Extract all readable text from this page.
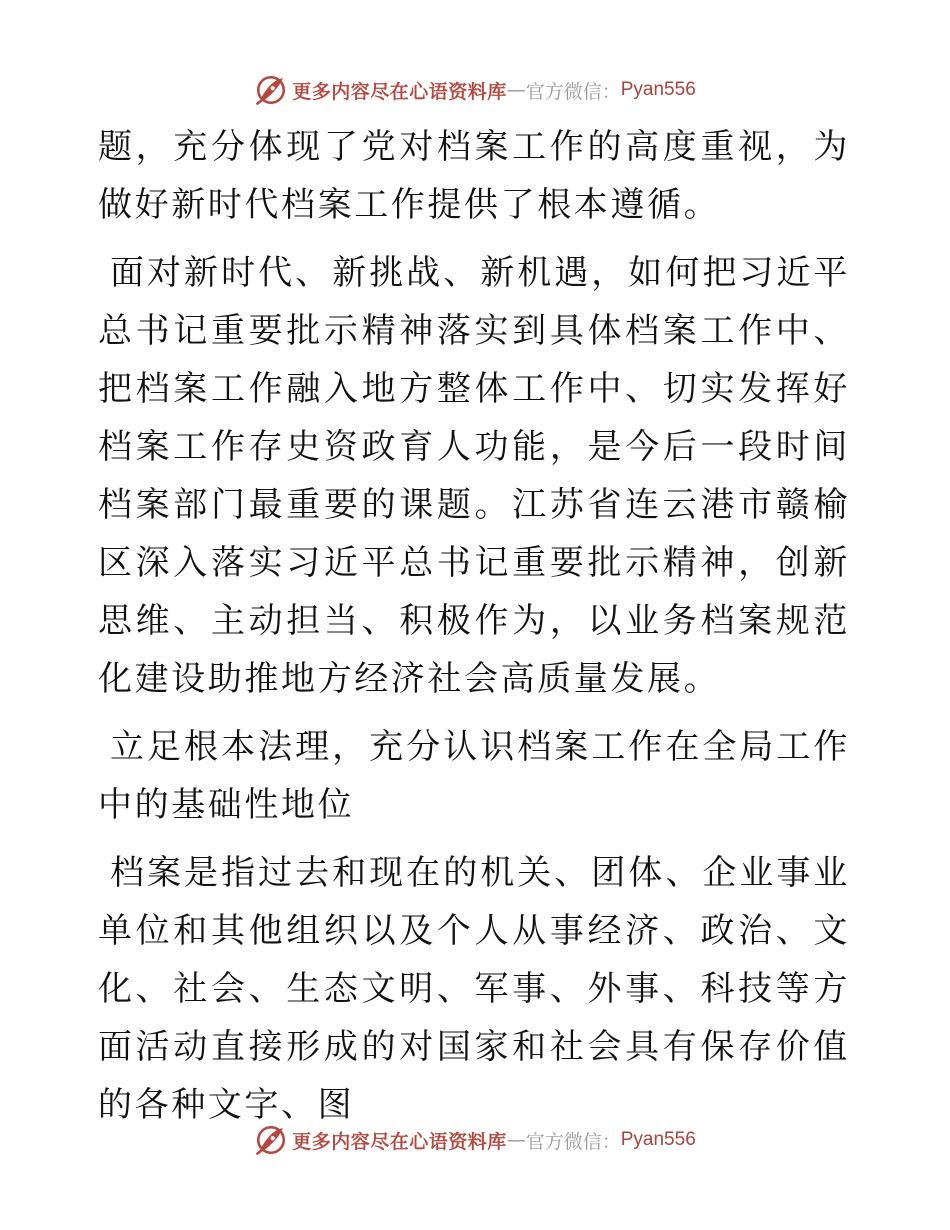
更多内容尽在心语资料库 — 官方微信： Pyan556

题，充分体现了党对档案工作的高度重视，为做好新时代档案工作提供了根本遵循。

面对新时代、新挑战、新机遇，如何把习近平总书记重要批示精神落实到具体档案工作中、把档案工作融入地方整体工作中、切实发挥好档案工作存史资政育人功能，是今后一段时间档案部门最重要的课题。江苏省连云港市赣榆区深入落实习近平总书记重要批示精神，创新思维、主动担当、积极作为，以业务档案规范化建设助推地方经济社会高质量发展。

立足根本法理，充分认识档案工作在全局工作中的基础性地位

档案是指过去和现在的机关、团体、企业事业单位和其他组织以及个人从事经济、政治、文化、社会、生态文明、军事、外事、科技等方面活动直接形成的对国家和社会具有保存价值的各种文字、图

更多内容尽在心语资料库 — 官方微信： Pyan556
